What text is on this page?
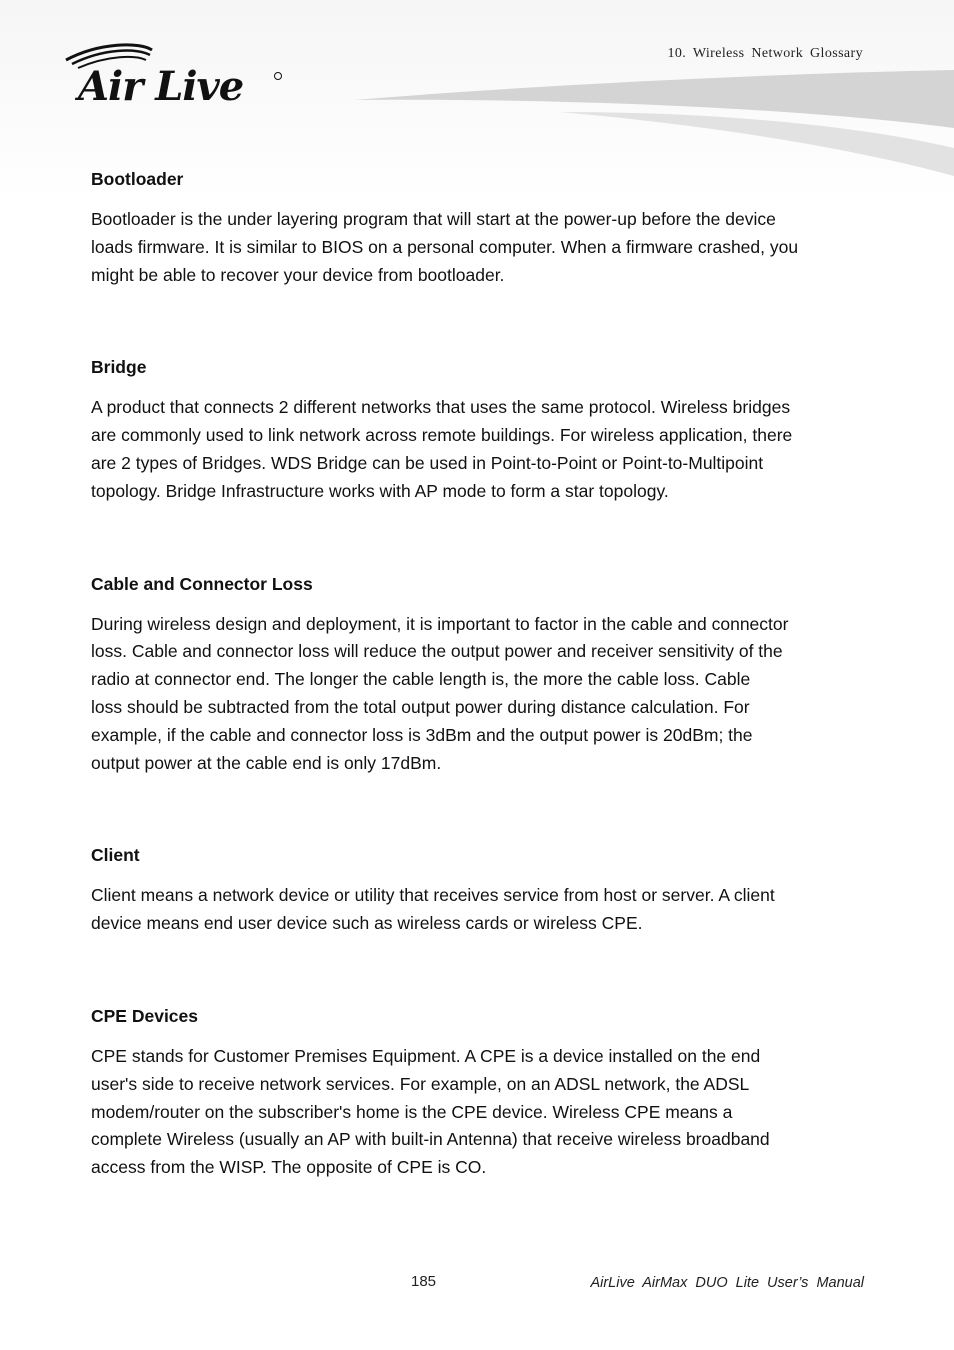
Air Live
10. Wireless Network Glossary

Bootloader

Bootloader is the under layering program that will start at the power-up before the device
loads firmware. It is similar to BIOS on a personal computer. When a firmware crashed, you
might be able to recover your device from bootloader.

Bridge

A product that connects 2 different networks that uses the same protocol. Wireless bridges
are commonly used to link network across remote buildings. For wireless application, there
are 2 types of Bridges. WDS Bridge can be used in Point-to-Point or Point-to-Multipoint
topology. Bridge Infrastructure works with AP mode to form a star topology.

Cable and Connector Loss

During wireless design and deployment, it is important to factor in the cable and connector
loss. Cable and connector loss will reduce the output power and receiver sensitivity of the
radio at connector end. The longer the cable length is, the more the cable loss. Cable
loss should be subtracted from the total output power during distance calculation. For
example, if the cable and connector loss is 3dBm and the output power is 20dBm; the
output power at the cable end is only 17dBm.

Client

Client means a network device or utility that receives service from host or server. A client
device means end user device such as wireless cards or wireless CPE.

CPE Devices

CPE stands for Customer Premises Equipment. A CPE is a device installed on the end
user's side to receive network services. For example, on an ADSL network, the ADSL
modem/router on the subscriber's home is the CPE device. Wireless CPE means a
complete Wireless (usually an AP with built-in Antenna) that receive wireless broadband
access from the WISP. The opposite of CPE is CO.

185	AirLive AirMax DUO Lite User’s Manual
